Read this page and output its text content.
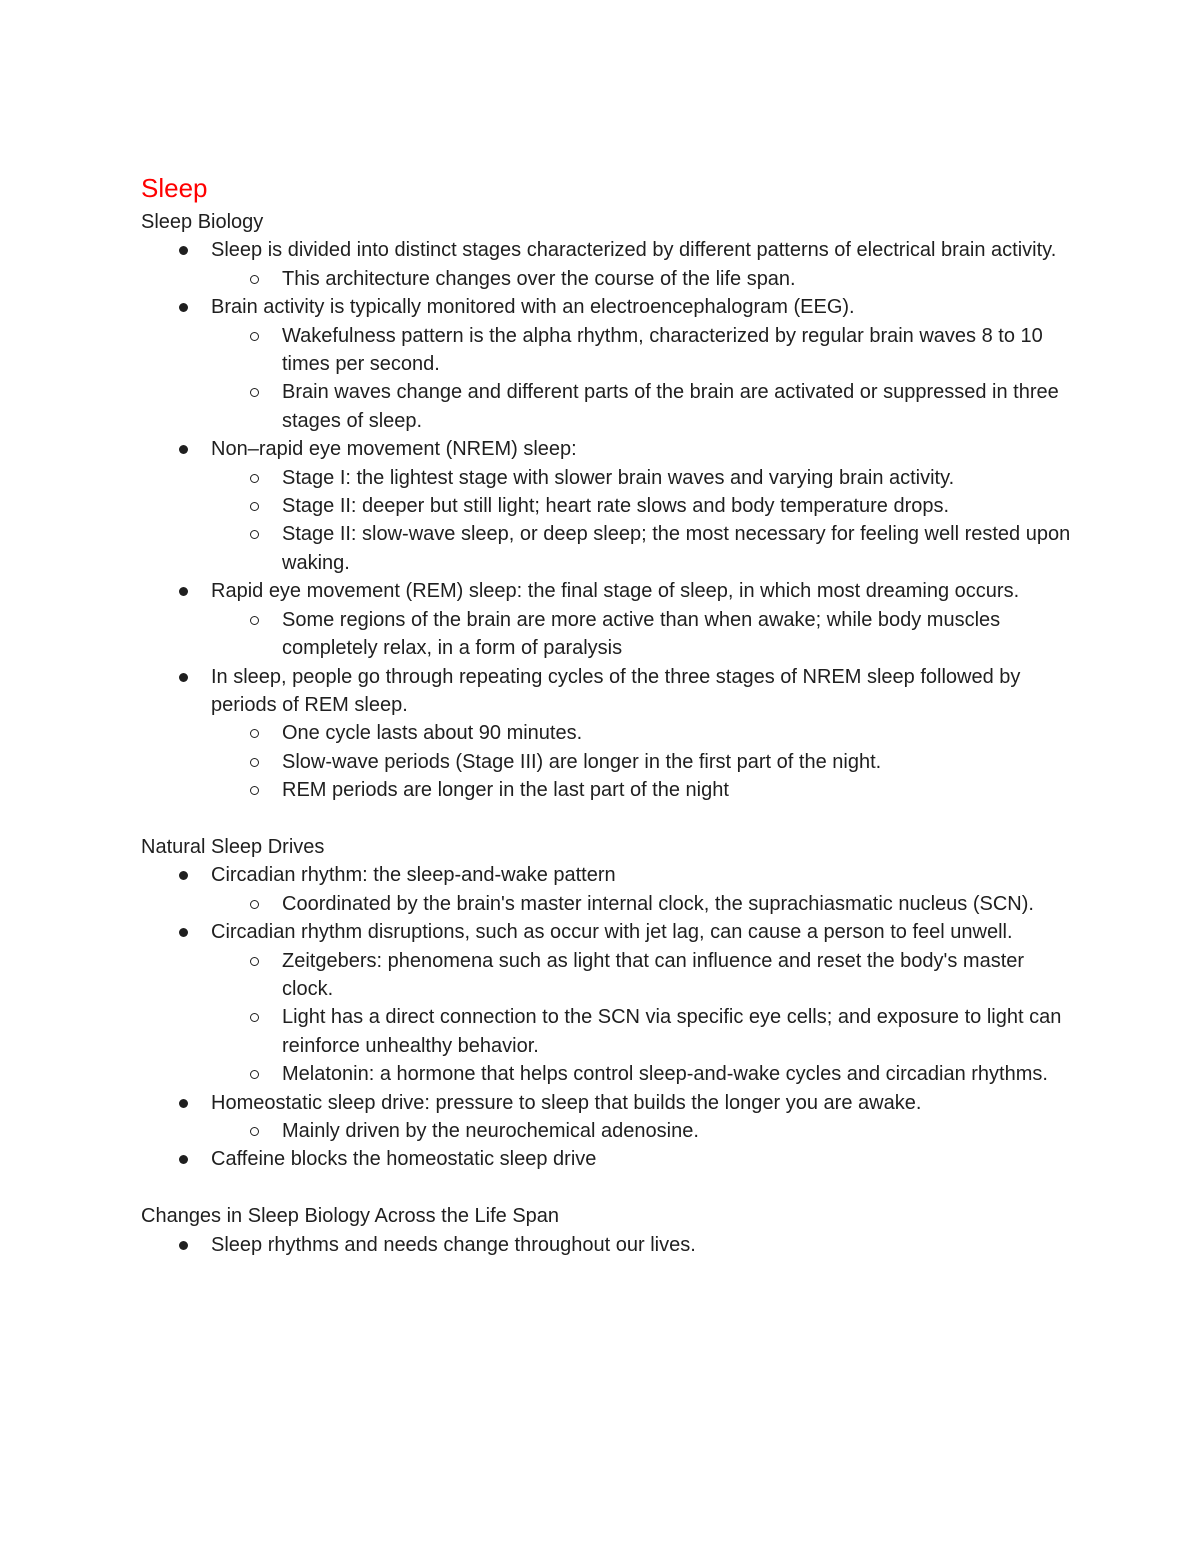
Sleep
Sleep Biology
Sleep is divided into distinct stages characterized by different patterns of electrical brain activity.
This architecture changes over the course of the life span.
Brain activity is typically monitored with an electroencephalogram (EEG).
Wakefulness pattern is the alpha rhythm, characterized by regular brain waves 8 to 10 times per second.
Brain waves change and different parts of the brain are activated or suppressed in three stages of sleep.
Non–rapid eye movement (NREM) sleep:
Stage I: the lightest stage with slower brain waves and varying brain activity.
Stage II: deeper but still light; heart rate slows and body temperature drops.
Stage II: slow-wave sleep, or deep sleep; the most necessary for feeling well rested upon waking.
Rapid eye movement (REM) sleep: the final stage of sleep, in which most dreaming occurs.
Some regions of the brain are more active than when awake; while body muscles completely relax, in a form of paralysis
In sleep, people go through repeating cycles of the three stages of NREM sleep followed by periods of REM sleep.
One cycle lasts about 90 minutes.
Slow-wave periods (Stage III) are longer in the first part of the night.
REM periods are longer in the last part of the night
Natural Sleep Drives
Circadian rhythm: the sleep-and-wake pattern
Coordinated by the brain's master internal clock, the suprachiasmatic nucleus (SCN).
Circadian rhythm disruptions, such as occur with jet lag, can cause a person to feel unwell.
Zeitgebers: phenomena such as light that can influence and reset the body's master clock.
Light has a direct connection to the SCN via specific eye cells; and exposure to light can reinforce unhealthy behavior.
Melatonin: a hormone that helps control sleep-and-wake cycles and circadian rhythms.
Homeostatic sleep drive: pressure to sleep that builds the longer you are awake.
Mainly driven by the neurochemical adenosine.
Caffeine blocks the homeostatic sleep drive
Changes in Sleep Biology Across the Life Span
Sleep rhythms and needs change throughout our lives.
